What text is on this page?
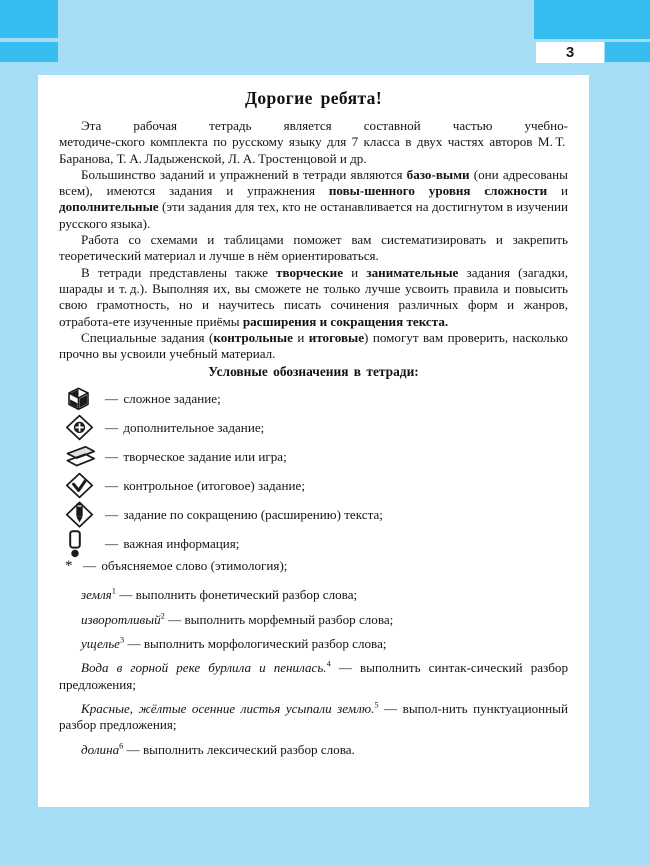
3
Дорогие ребята!

Эта рабочая тетрадь является составной частью учебно-методиче‑ского комплекта по русскому языку для 7 класса в двух частях авторов М. Т. Баранова, Т. А. Ладыженской, Л. А. Тростенцовой и др.

Большинство заданий и упражнений в тетради являются базо‑выми (они адресованы всем), имеются задания и упражнения повы‑шенного уровня сложности и дополнительные (эти задания для тех, кто не останавливается на достигнутом в изучении русского языка).

Работа со схемами и таблицами поможет вам систематизировать и закрепить теоретический материал и лучше в нём ориентироваться.

В тетради представлены также творческие и занимательные задания (загадки, шарады и т. д.). Выполняя их, вы сможете не только лучше усвоить правила и повысить свою грамотность, но и научитесь писать сочинения различных форм и жанров, отработа‑ете изученные приёмы расширения и сокращения текста.

Специальные задания (контрольные и итоговые) помогут вам проверить, насколько прочно вы усвоили учебный материал.

Условные обозначения в тетради:
— сложное задание;
— дополнительное задание;
— творческое задание или игра;
— контрольное (итоговое) задание;
— задание по сокращению (расширению) текста;
— важная информация;
* — объясняемое слово (этимология);
земля$^1$ — выполнить фонетический разбор слова;
изворотливый$^2$ — выполнить морфемный разбор слова;
ущелье$^3$ — выполнить морфологический разбор слова;
Вода в горной реке бурлила и пенилась.$^4$ — выполнить синтак‑сический разбор предложения;
Красные, жёлтые осенние листья усыпали землю.$^5$ — выпол‑нить пунктуационный разбор предложения;
долина$^6$ — выполнить лексический разбор слова.
